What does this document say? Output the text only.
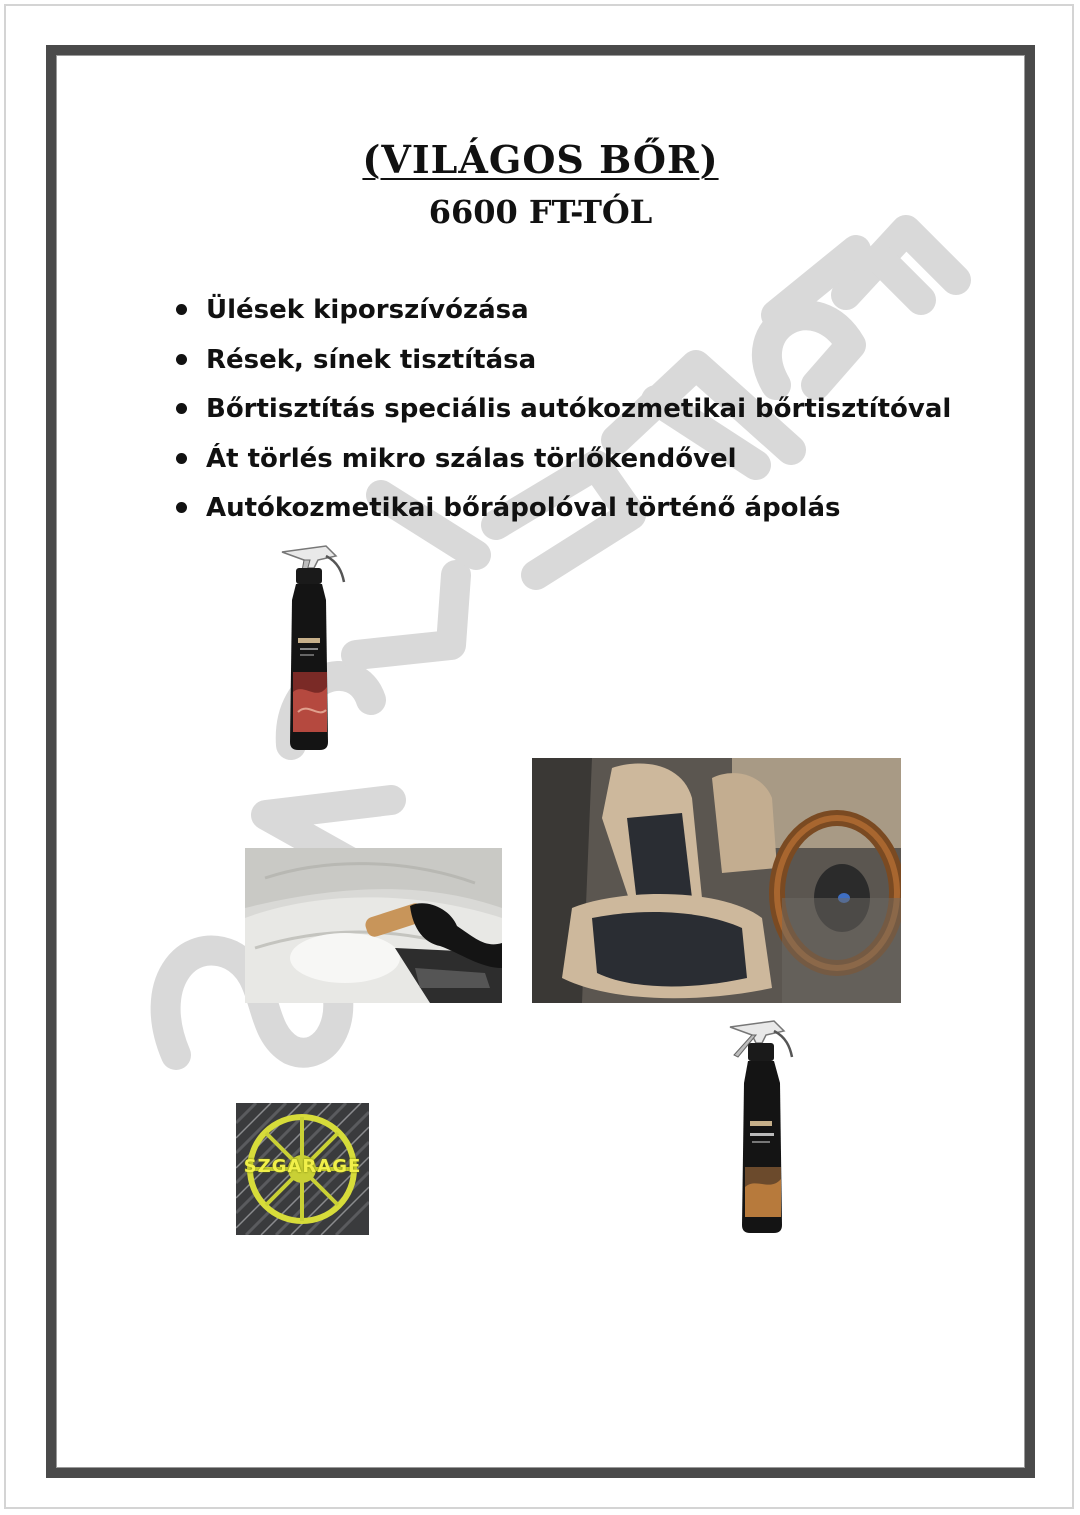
(VILÁGOS BŐR)
6600 FT-TÓL
Ülések kiporszívózása
Rések, sínek tisztítása
Bőrtisztítás speciális autókozmetikai bőrtisztítóval
Át törlés mikro szálas törlőkendővel
Autókozmetikai bőrápolóval történő ápolás
SZGARAGE
